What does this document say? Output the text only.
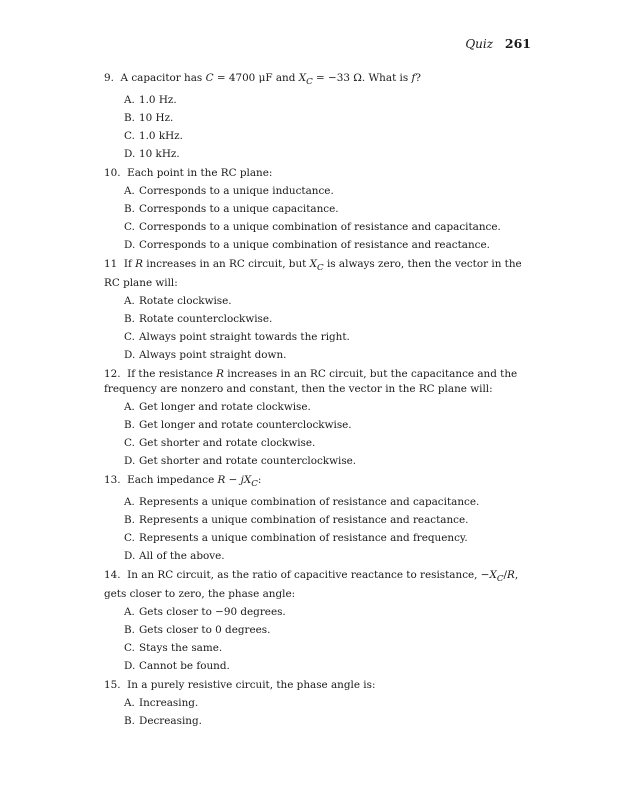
Quiz 261

9. A capacitor has C = 4700 μF and $X_C = -33$ Ω. What is f?

A. 1.0 Hz.
B. 10 Hz.
C. 1.0 kHz.
D. 10 kHz.

10. Each point in the RC plane:

A. Corresponds to a unique inductance.
B. Corresponds to a unique capacitance.
C. Corresponds to a unique combination of resistance and capacitance.
D. Corresponds to a unique combination of resistance and reactance.

11 If R increases in an RC circuit, but $X_C$ is always zero, then the vector in the RC plane will:

A. Rotate clockwise.
B. Rotate counterclockwise.
C. Always point straight towards the right.
D. Always point straight down.

12. If the resistance R increases in an RC circuit, but the capacitance and the frequency are nonzero and constant, then the vector in the RC plane will:

A. Get longer and rotate clockwise.
B. Get longer and rotate counterclockwise.
C. Get shorter and rotate clockwise.
D. Get shorter and rotate counterclockwise.

13. Each impedance $R - jX_C$:

A. Represents a unique combination of resistance and capacitance.
B. Represents a unique combination of resistance and reactance.
C. Represents a unique combination of resistance and frequency.
D. All of the above.

14. In an RC circuit, as the ratio of capacitive reactance to resistance, $-X_C/R$, gets closer to zero, the phase angle:

A. Gets closer to −90 degrees.
B. Gets closer to 0 degrees.
C. Stays the same.
D. Cannot be found.

15. In a purely resistive circuit, the phase angle is:

A. Increasing.
B. Decreasing.
